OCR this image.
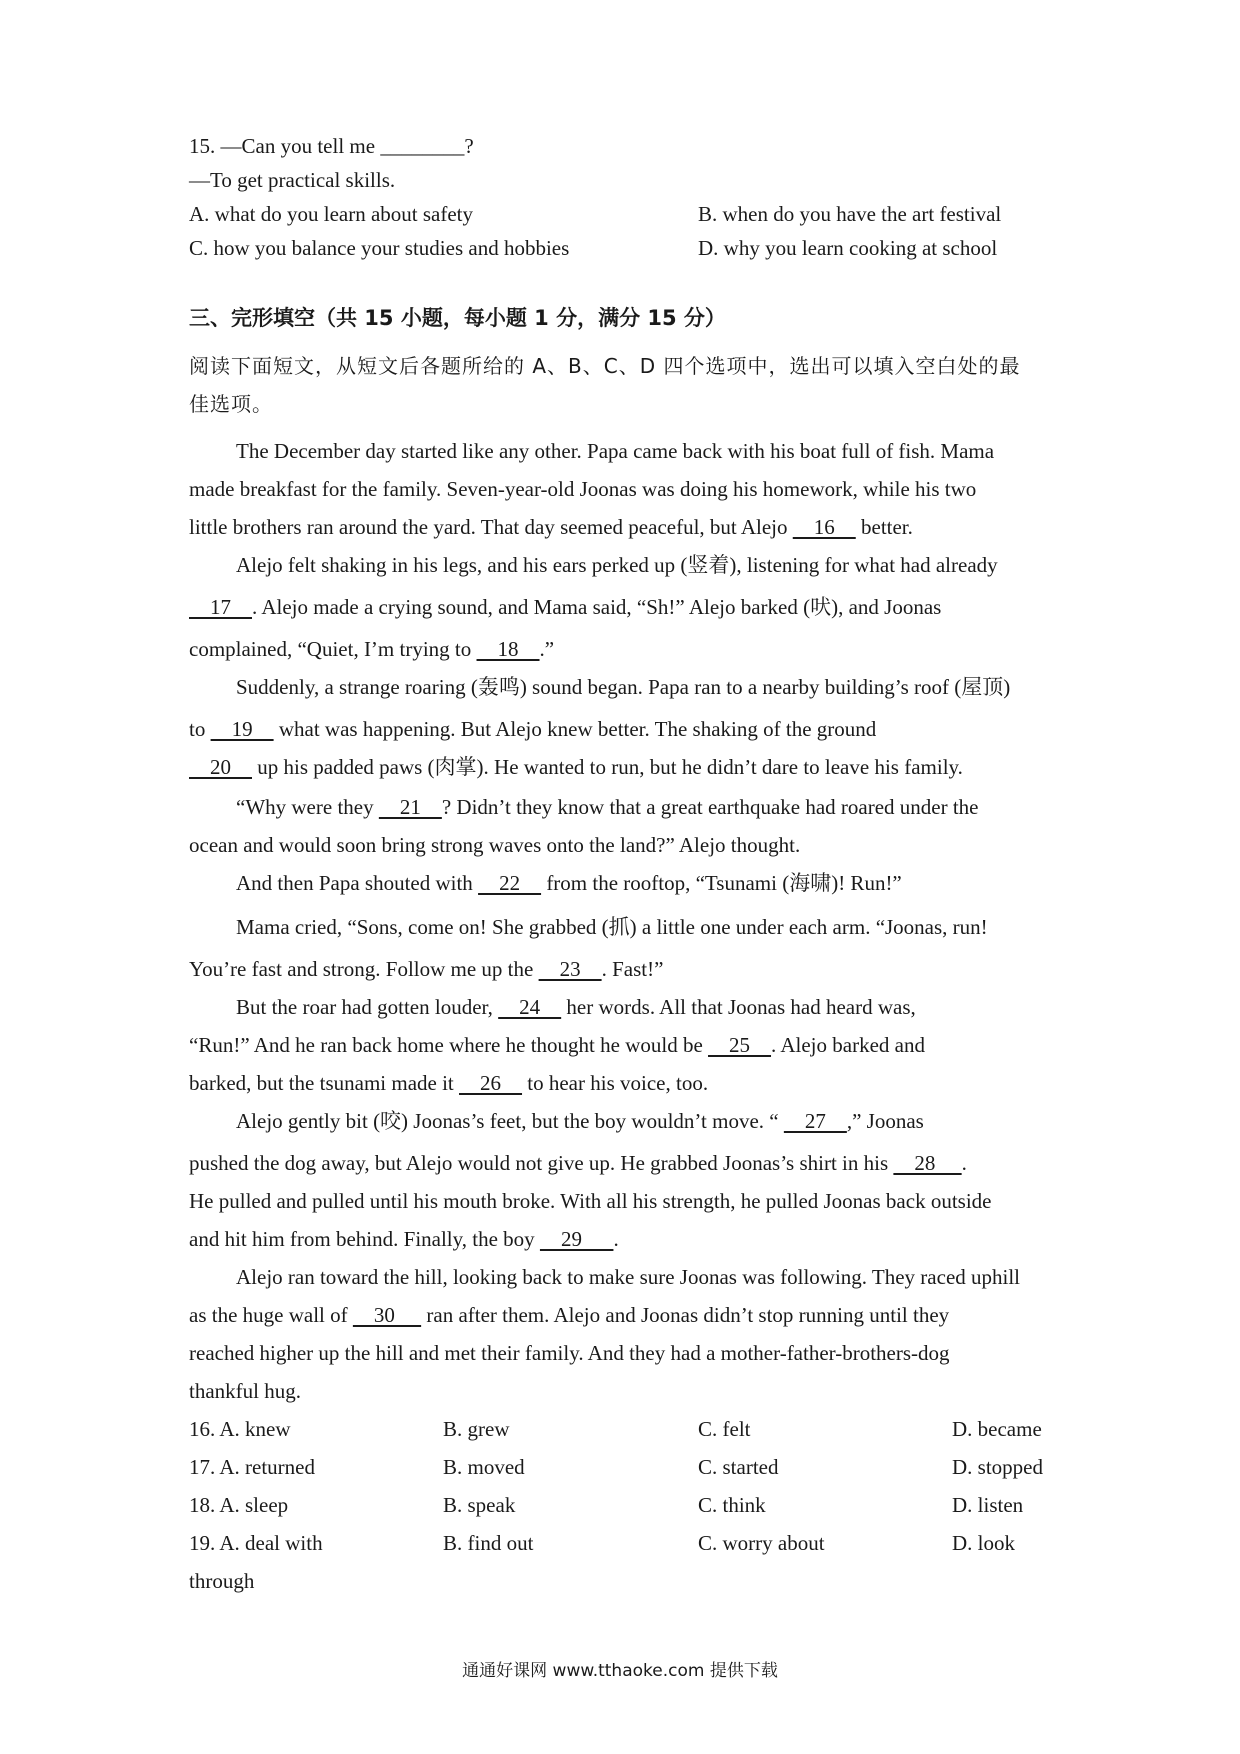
15. —Can you tell me ________?
—To get practical skills.
A. what do you learn about safety	B. when do you have the art festival
C. how you balance your studies and hobbies	D. why you learn cooking at school
三、完形填空（共 15 小题，每小题 1 分，满分 15 分）
阅读下面短文，从短文后各题所给的 A、B、C、D 四个选项中，选出可以填入空白处的最
佳选项。
The December day started like any other. Papa came back with his boat full of fish. Mama
made breakfast for the family. Seven-year-old Joonas was doing his homework, while his two
little brothers ran around the yard. That day seemed peaceful, but Alejo     16     better.
Alejo felt shaking in his legs, and his ears perked up (竖着), listening for what had already
17    . Alejo made a crying sound, and Mama said, “Sh!” Alejo barked (吠), and Joonas
complained, “Quiet, I’m trying to     18    .”
Suddenly, a strange roaring (轰鸣) sound began. Papa ran to a nearby building’s roof (屋顶)
to     19     what was happening. But Alejo knew better. The shaking of the ground
20     up his padded paws (肉掌). He wanted to run, but he didn’t dare to leave his family.
“Why were they     21    ? Didn’t they know that a great earthquake had roared under the
ocean and would soon bring strong waves onto the land?” Alejo thought.
And then Papa shouted with     22     from the rooftop, “Tsunami (海啸)! Run!”
Mama cried, “Sons, come on! She grabbed (抓) a little one under each arm. “Joonas, run!
You’re fast and strong. Follow me up the     23    . Fast!”
But the roar had gotten louder,     24     her words. All that Joonas had heard was,
“Run!” And he ran back home where he thought he would be     25    . Alejo barked and
barked, but the tsunami made it     26     to hear his voice, too.
Alejo gently bit (咬) Joonas’s feet, but the boy wouldn’t move. “     27    ,” Joonas
pushed the dog away, but Alejo would not give up. He grabbed Joonas’s shirt in his     28     .
He pulled and pulled until his mouth broke. With all his strength, he pulled Joonas back outside
and hit him from behind. Finally, the boy     29      .
Alejo ran toward the hill, looking back to make sure Joonas was following. They raced uphill
as the huge wall of     30      ran after them. Alejo and Joonas didn’t stop running until they
reached higher up the hill and met their family. And they had a mother-father-brothers-dog
thankful hug.
16. A. knew	B. grew	C. felt	D. became
17. A. returned	B. moved	C. started	D. stopped
18. A. sleep	B. speak	C. think	D. listen
19. A. deal with	B. find out	C. worry about	D. look
through
通通好课网 www.tthaoke.com 提供下载
